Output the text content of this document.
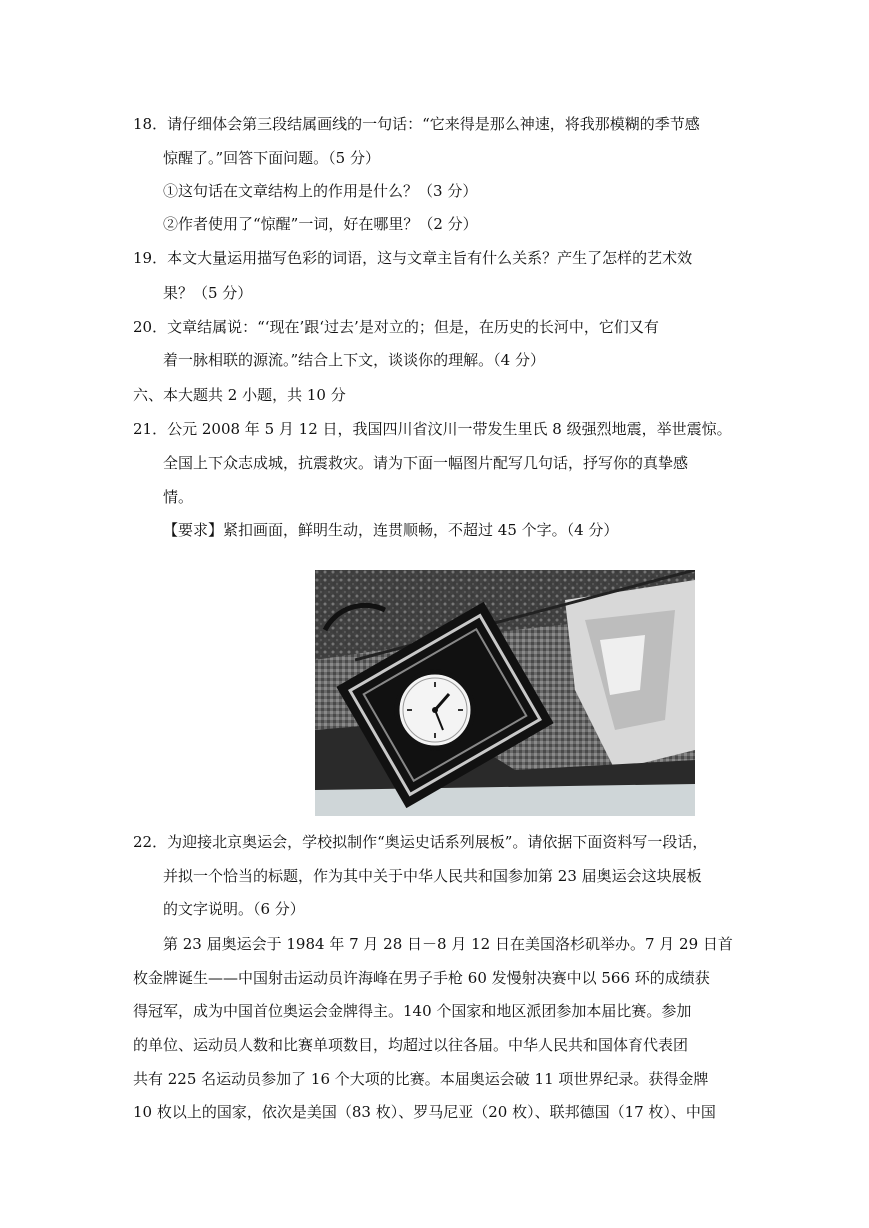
18．请仔细体会第三段结属画线的一句话：“它来得是那么神速，将我那模糊的季节感
惊醒了。”回答下面问题。（5 分）
①这句话在文章结构上的作用是什么？（3 分）
②作者使用了“惊醒”一词，好在哪里？（2 分）
19．本文大量运用描写色彩的词语，这与文章主旨有什么关系？产生了怎样的艺术效
果？（5 分）
20．文章结属说：“‘现在’跟‘过去’是对立的；但是，在历史的长河中，它们又有
着一脉相联的源流。”结合上下文，谈谈你的理解。（4 分）
六、本大题共 2 小题，共 10 分
21．公元 2008 年 5 月 12 日，我国四川省汶川一带发生里氏 8 级强烈地震，举世震惊。
全国上下众志成城，抗震救灾。请为下面一幅图片配写几句话，抒写你的真挚感
情。
【要求】紧扣画面，鲜明生动，连贯顺畅，不超过 45 个字。（4 分）
22．为迎接北京奥运会，学校拟制作“奥运史话系列展板”。请依据下面资料写一段话，
并拟一个恰当的标题，作为其中关于中华人民共和国参加第 23 届奥运会这块展板
的文字说明。（6 分）
第 23 届奥运会于 1984 年 7 月 28 日－8 月 12 日在美国洛杉矶举办。7 月 29 日首
枚金牌诞生——中国射击运动员许海峰在男子手枪 60 发慢射决赛中以 566 环的成绩获
得冠军，成为中国首位奥运会金牌得主。140 个国家和地区派团参加本届比赛。参加
的单位、运动员人数和比赛单项数目，均超过以往各届。中华人民共和国体育代表团
共有 225 名运动员参加了 16 个大项的比赛。本届奥运会破 11 项世界纪录。获得金牌
10 枚以上的国家，依次是美国（83 枚）、罗马尼亚（20 枚）、联邦德国（17 枚）、中国
